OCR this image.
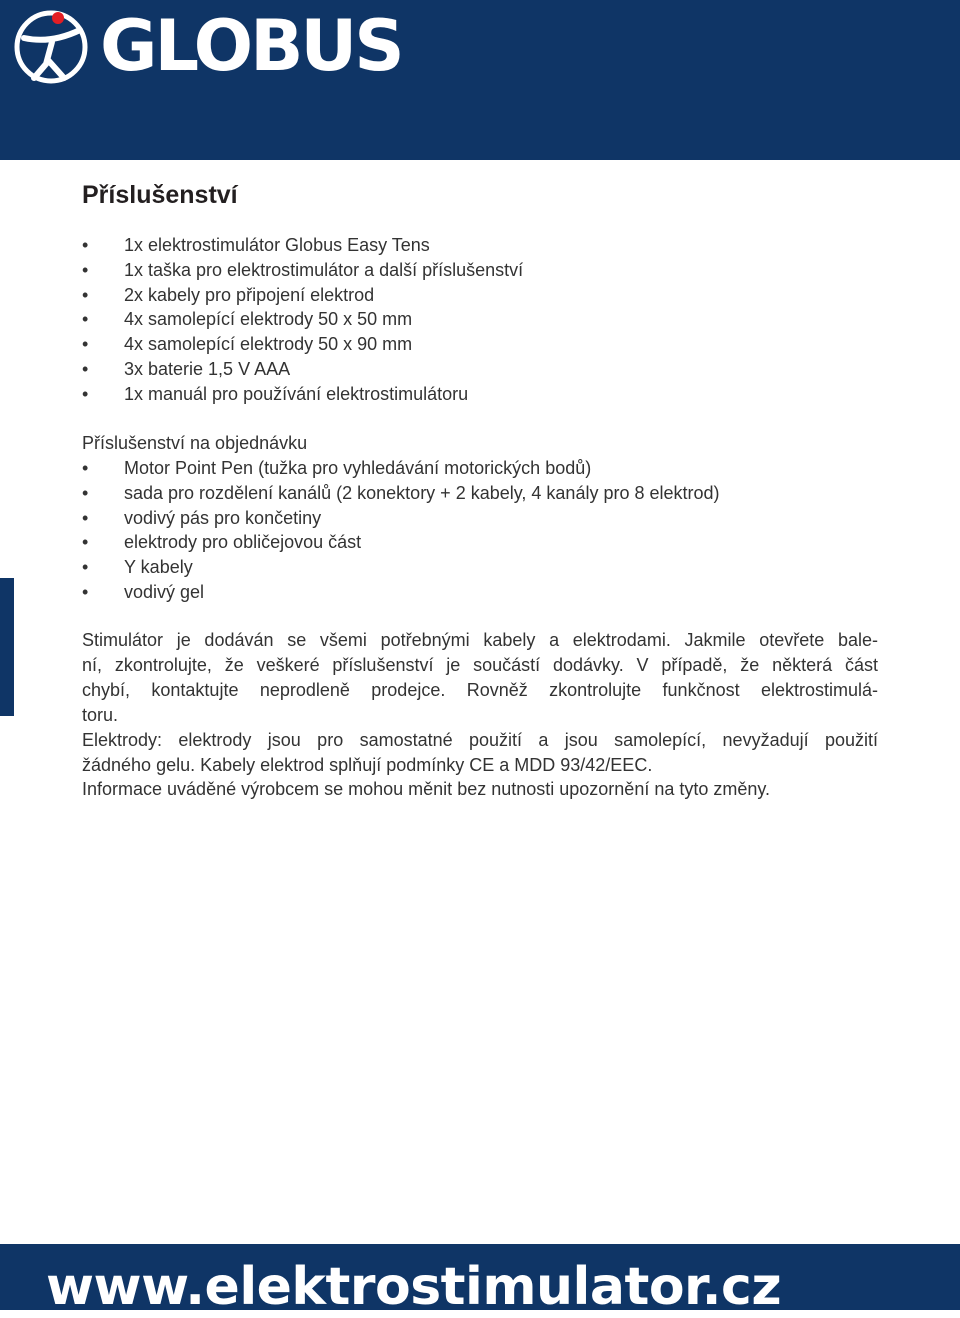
GLOBUS
Příslušenství
• 1x elektrostimulátor Globus Easy Tens
• 1x taška pro elektrostimulátor a další příslušenství
• 2x kabely pro připojení elektrod
• 4x samolepící elektrody 50 x 50 mm
• 4x samolepící elektrody 50 x 90 mm
• 3x baterie 1,5 V AAA
• 1x manuál pro používání elektrostimulátoru
Příslušenství na objednávku
• Motor Point Pen (tužka pro vyhledávání motorických bodů)
• sada pro rozdělení kanálů (2 konektory + 2 kabely, 4 kanály pro 8 elektrod)
• vodivý pás pro končetiny
• elektrody pro obličejovou část
• Y kabely
• vodivý gel

Stimulátor je dodáván se všemi potřebnými kabely a elektrodami. Jakmile otevřete bale-

ní, zkontrolujte, že veškeré příslušenství je součástí dodávky. V případě, že některá část

chybí, kontaktujte neprodleně prodejce. Rovněž zkontrolujte funkčnost elektrostimulá-

toru.

Elektrody: elektrody jsou pro samostatné použití a jsou samolepící, nevyžadují použití

žádného gelu. Kabely elektrod splňují podmínky CE a MDD 93/42/EEC.

Informace uváděné výrobcem se mohou měnit bez nutnosti upozornění na tyto změny.

www.elektrostimulator.cz
